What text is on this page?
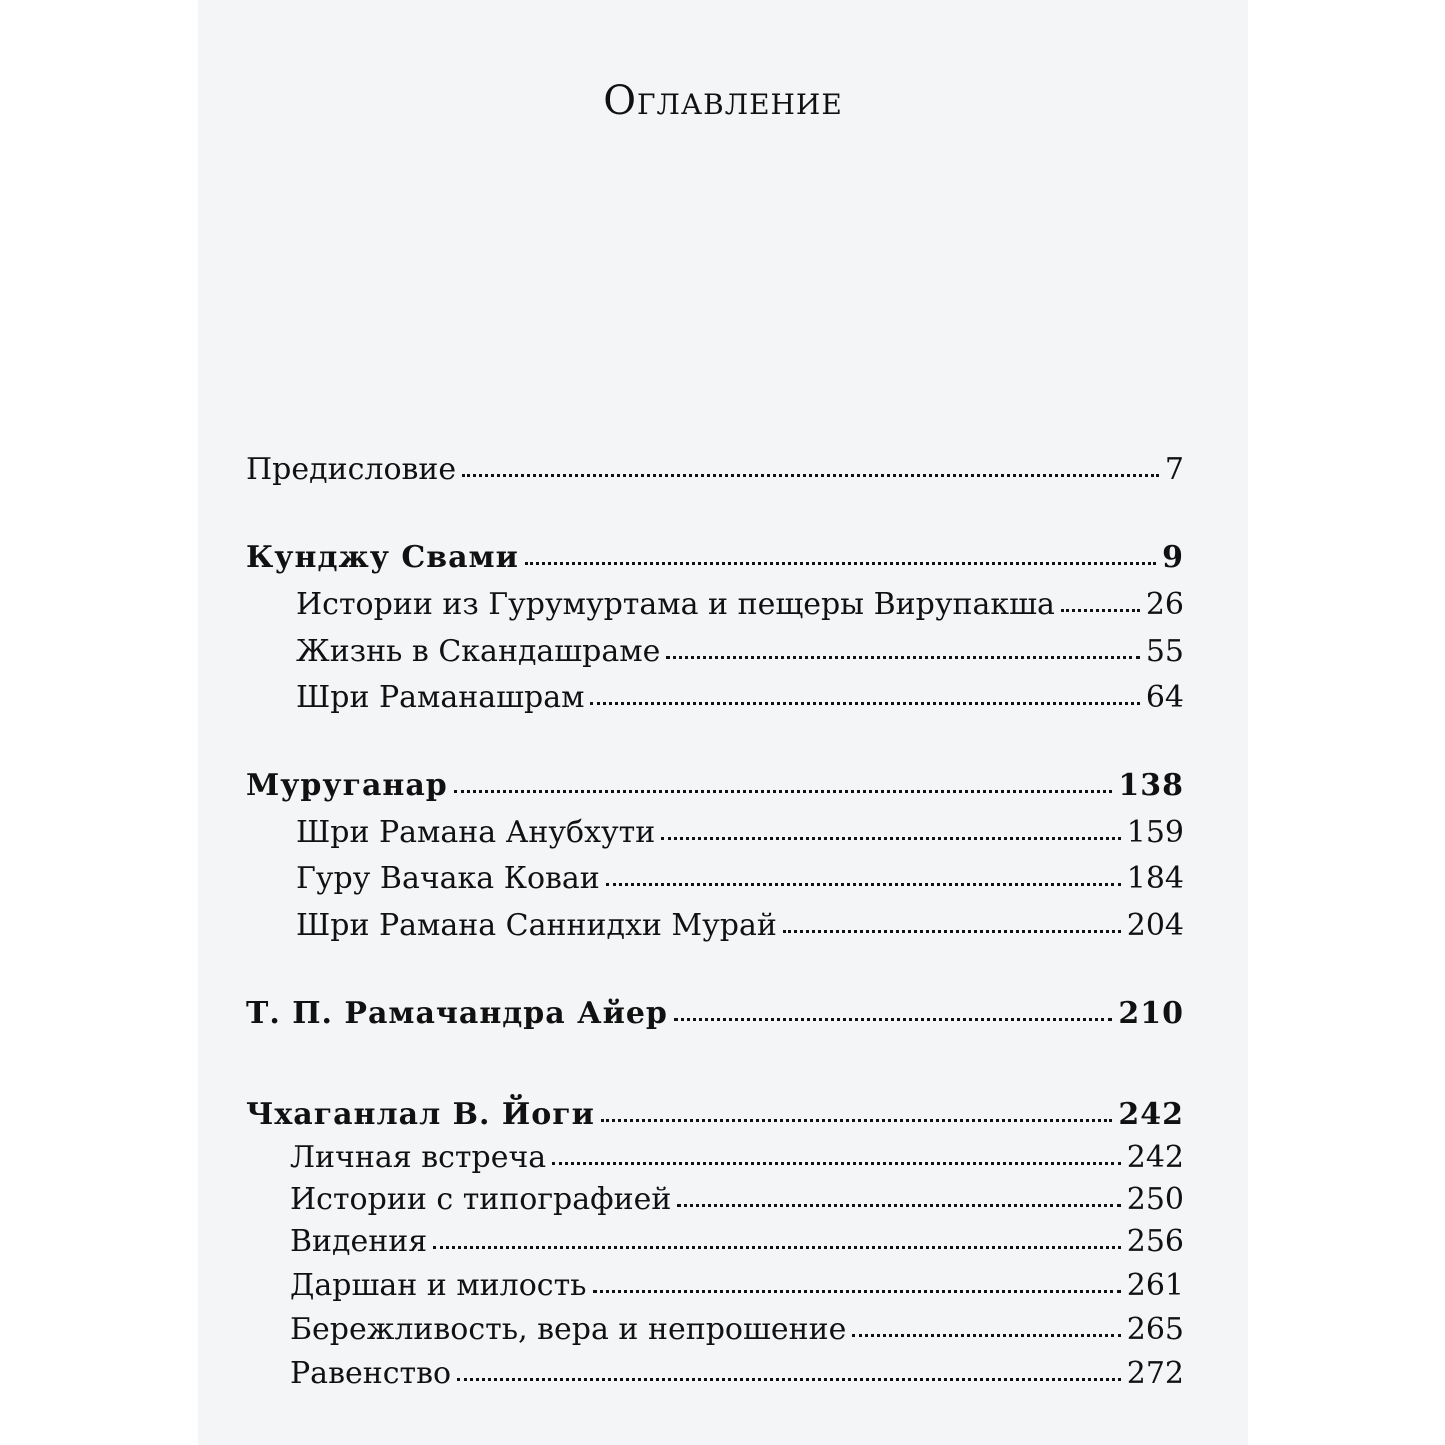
Оглавление
Предисловие	7
Кунджу Свами	9
Истории из Гурумуртама и пещеры Вирупакша	26
Жизнь в Скандашраме	55
Шри Раманашрам	64
Муруганар	138
Шри Рамана Анубхути	159
Гуру Вачака Коваи	184
Шри Рамана Саннидхи Мурай	204
Т. П. Рамачандра Айер	210
Чхаганлал В. Йоги	242
Личная встреча	242
Истории с типографией	250
Видения	256
Даршан и милость	261
Бережливость, вера и непрошение	265
Равенство	272
